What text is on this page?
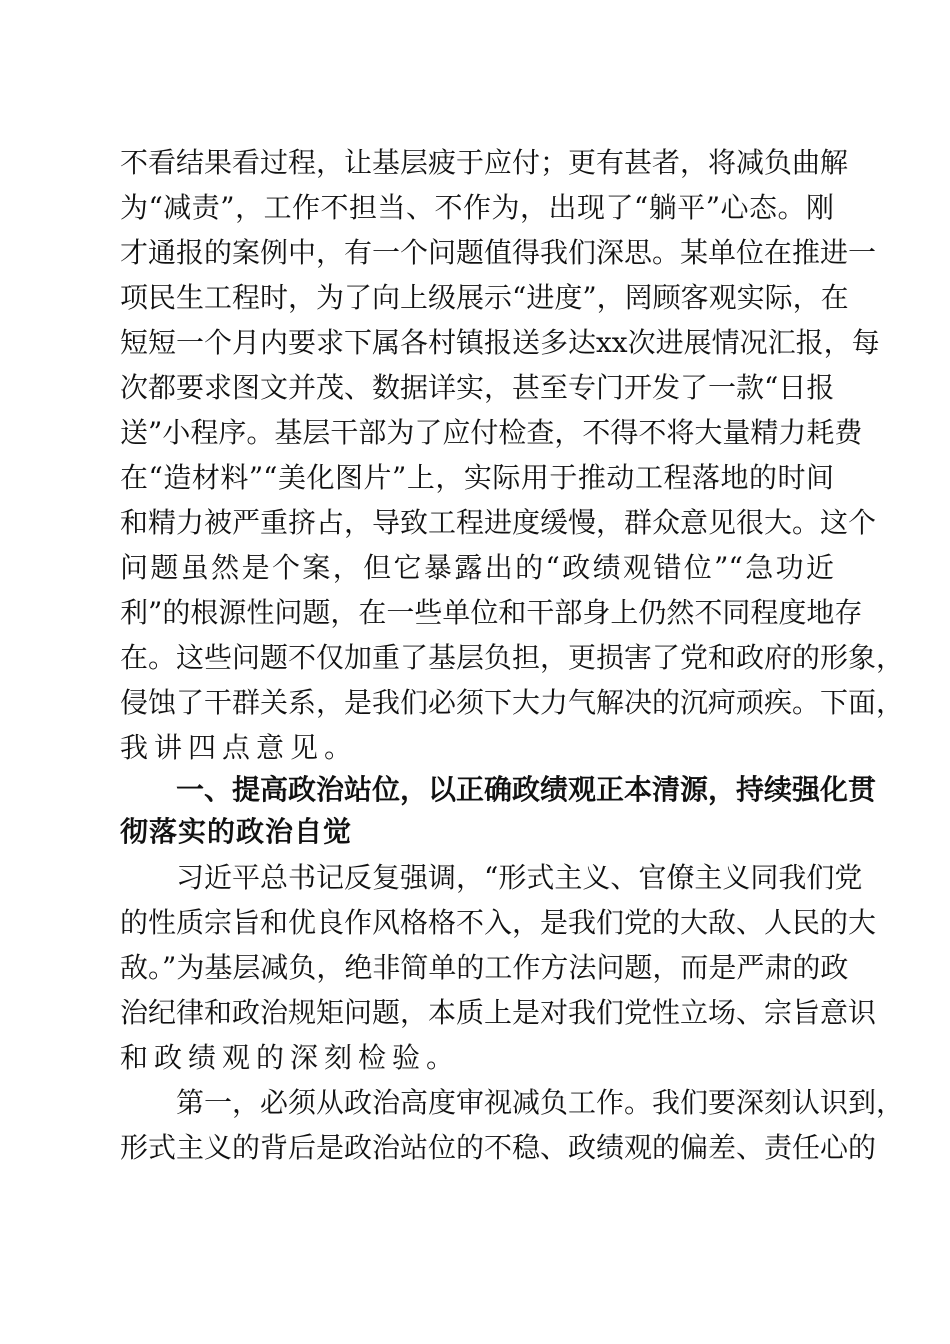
不看结果看过程，让基层疲于应付；更有甚者，将减负曲解
为“减责”，工作不担当、不作为，出现了“躺平”心态。刚
才通报的案例中，有一个问题值得我们深思。某单位在推进一
项民生工程时，为了向上级展示“进度”，罔顾客观实际，在
短短一个月内要求下属各村镇报送多达xx次进展情况汇报，每
次都要求图文并茂、数据详实，甚至专门开发了一款“日报
送”小程序。基层干部为了应付检查，不得不将大量精力耗费
在“造材料”“美化图片”上，实际用于推动工程落地的时间
和精力被严重挤占，导致工程进度缓慢，群众意见很大。这个
问题虽然是个案，但它暴露出的“政绩观错位”“急功近
利”的根源性问题，在一些单位和干部身上仍然不同程度地存
在。这些问题不仅加重了基层负担，更损害了党和政府的形象，
侵蚀了干群关系，是我们必须下大力气解决的沉疴顽疾。下面，
我讲四点意见。
一、提高政治站位，以正确政绩观正本清源，持续强化贯
彻落实的政治自觉
习近平总书记反复强调，“形式主义、官僚主义同我们党
的性质宗旨和优良作风格格不入，是我们党的大敌、人民的大
敌。”为基层减负，绝非简单的工作方法问题，而是严肃的政
治纪律和政治规矩问题，本质上是对我们党性立场、宗旨意识
和政绩观的深刻检验。
第一，必须从政治高度审视减负工作。我们要深刻认识到，
形式主义的背后是政治站位的不稳、政绩观的偏差、责任心的
